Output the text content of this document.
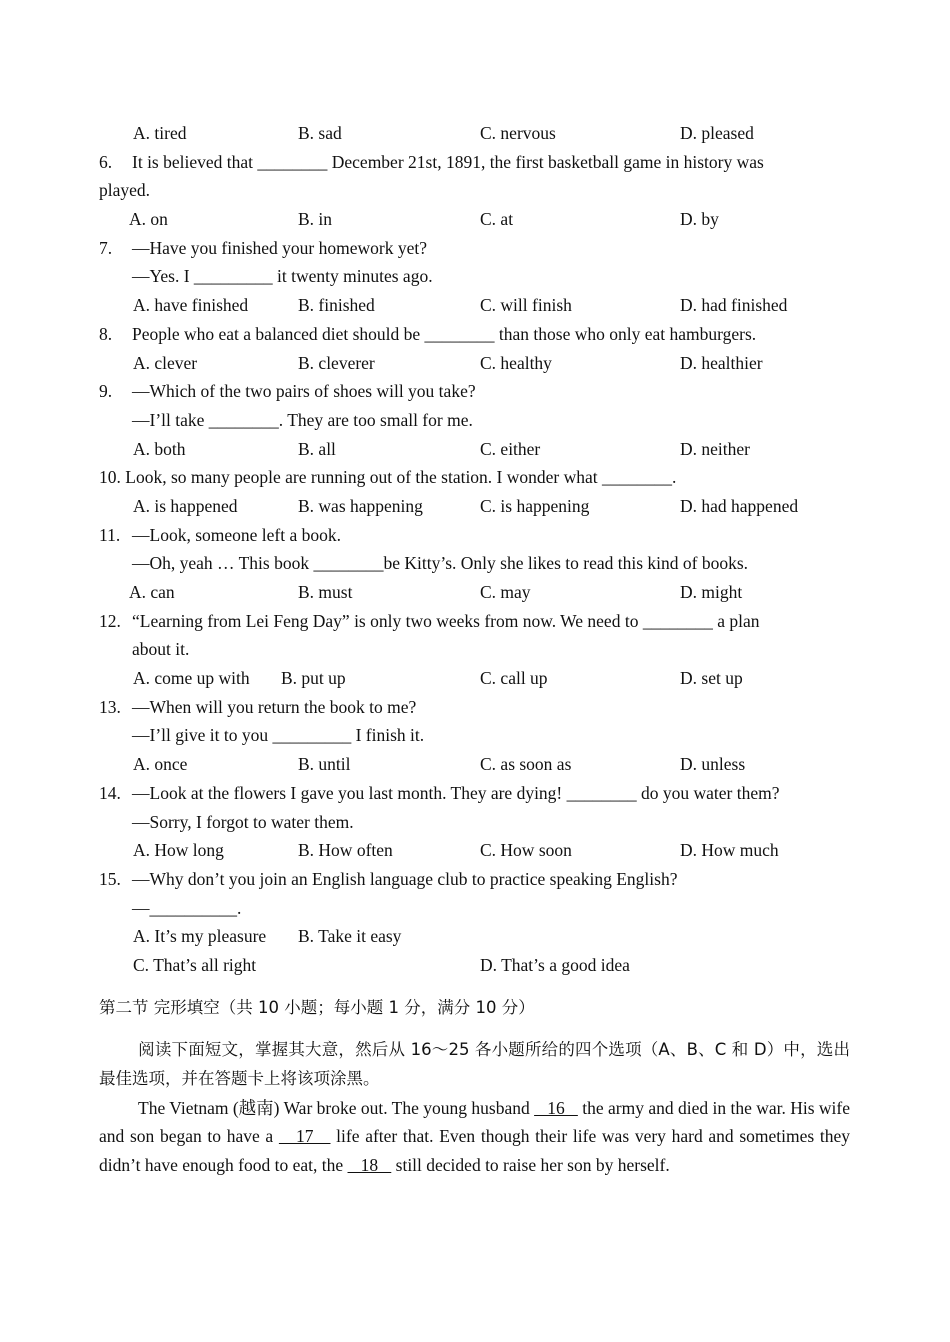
A. tired	B. sad	C. nervous	D. pleased
6. It is believed that ________ December 21st, 1891, the first basketball game in history was
played.
A. on	B. in	C. at	D. by
7. —Have you finished your homework yet?
—Yes. I _________ it twenty minutes ago.
A. have finished	B. finished	C. will finish	D. had finished
8. People who eat a balanced diet should be ________ than those who only eat hamburgers.
A. clever	B. cleverer	C. healthy	D. healthier
9. —Which of the two pairs of shoes will you take?
—I’ll take ________. They are too small for me.
A. both	B. all	C. either	D. neither
10. Look, so many people are running out of the station. I wonder what ________.
A. is happened	B. was happening	C. is happening	D. had happened
11. —Look, someone left a book.
—Oh, yeah … This book ________be Kitty’s. Only she likes to read this kind of books.
A. can	B. must	C. may	D. might
12. “Learning from Lei Feng Day” is only two weeks from now. We need to ________ a plan
about it.
A. come up with B. put up	C. call up	D. set up
13. —When will you return the book to me?
—I’ll give it to you _________ I finish it.
A. once	B. until	C. as soon as	D. unless
14. —Look at the flowers I gave you last month. They are dying! ________ do you water them?
—Sorry, I forgot to water them.
A. How long	B. How often	C. How soon	D. How much
15. —Why don’t you join an English language club to practice speaking English?
—__________.
A. It’s my pleasure B. Take it easy
C. That’s all right	D. That’s a good idea
第二节 完形填空（共 10 小题；每小题 1 分，满分 10 分）
阅读下面短文，掌握其大意，然后从 16～25 各小题所给的四个选项（A、B、C 和 D）中，选出最佳选项，并在答题卡上将该项涂黑。
The Vietnam (越南) War broke out. The young husband    16    the army and died in the war. His wife and son began to have a    17    life after that. Even though their life was very hard and sometimes they didn’t have enough food to eat, the    18    still decided to raise her son by herself.
